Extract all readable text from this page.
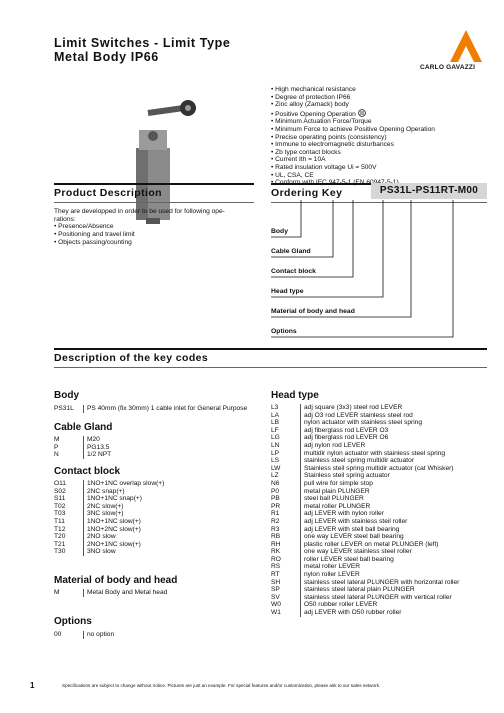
Limit Switches - Limit Type
Metal Body IP66
CARLO GAVAZZI
• High mechanical resistance
• Degree of protection IP66
• Zinc alloy (Zamack) body
• Positive Opening Operation
• Minimum Actuation Force/Torque
• Minimum Force to achieve Positive Opening Operation
• Precise operating points (consistency)
• Immune to electromagnetic disturbances
• Zb type contact blocks
• Current Ith = 10A
• Rated insulation voltage Ui = 500V
• UL, CSA, CE
Product Description
They are developped in order to be used for following ope-rations:
• Presence/Absence
• Positioning and travel limit
• Objects passing/counting
Ordering Key	PS31L-PS11RT-M00
Body
Cable Gland
Contact block
Head type
Material of body and head
Options
Description of the key codes
Body
PS31L PS 40mm (fix 30mm) 1 cable inlet for General Purpose
Cable Gland
M	M20
P	PG13.5
N	1/2 NPT
Contact block
O11	1NO+1NC overlap slow(+)
S02	2NC snap(+)
S11	1NO+1NC snap(+)
T02	2NC slow(+)
T03	3NC slow(+)
T11	1NO+1NC slow(+)
T12	1NO+2NC slow(+)
T20	2NO slow
T21	2NO+1NC slow(+)
T30	3NO slow
Material of body and head
M	Metal Body and Metal head
Options
00	no option
Head type
L3	adj square (3x3) steel rod LEVER
LA	adj O3 rod LEVER stainless steel rod
LB	nylon actuator with stainless steel spring
LF	adj fiberglass rod LEVER O3
LG	adj fiberglass rod LEVER O6
LN	adj nylon rod LEVER
LP	multidir nylon actuator with stainless steel spring
LS	stainless steel spring multidir actuator
LW	Stainless steil spring multidir actuator (cat Whisker)
LZ	Stainless steil spring actuator
N6	pull wire for simple stop
P0	metal plain PLUNGER
PB	steel ball PLUNGER
PR	metal roller PLUNGER
R1	adj LEVER with nylon roller
R2	adj LEVER with stainless steil roller
R3	adj LEVER with stell ball bearing
RB	one way LEVER steel ball bearing
RH	plastic roller LEVER on metal PLUNGER (left)
RK	one way LEVER stainless steel roller
RO	roller LEVER steel ball bearing
RS	metal roller LEVER
RT	nylon roller LEVER
SH	stainless steel lateral PLUNGER with horizontal roller
SP	stainless steel lateral plain PLUNGER
SV	stainless steel lateral PLUNGER with vertical roller
W0	O50 rubber roller LEVER
W1	adj LEVER with O50 rubber roller
1	Specifications are subject to change without notice. Pictures are just an example. For special features and/or customization, please ask to our sales network.
